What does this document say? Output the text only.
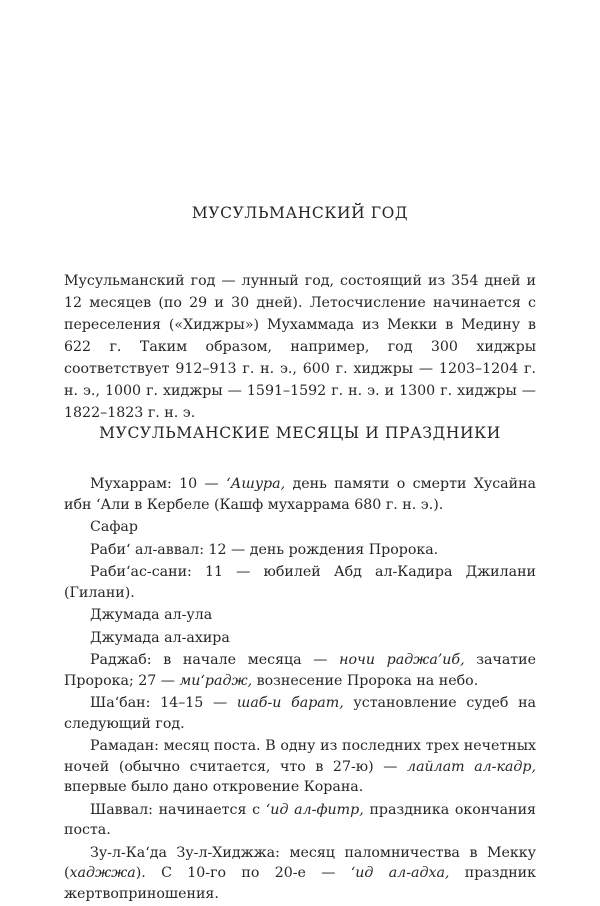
МУСУЛЬМАНСКИЙ ГОД

Мусульманский год — лунный год, состоящий из 354 дней и 12 месяцев (по 29 и 30 дней). Летосчисление начинается с переселения («Хиджры») Мухаммада из Мекки в Медину в 622 г. Таким образом, например, год 300 хиджры соответствует 912–913 г. н. э., 600 г. хиджры — 1203–1204 г. н. э., 1000 г. хиджры — 1591–1592 г. н. э. и 1300 г. хиджры — 1822–1823 г. н. э.

МУСУЛЬМАНСКИЕ МЕСЯЦЫ И ПРАЗДНИКИ

Мухаррам: 10 — ‘Ашура, день памяти о смерти Хусайна ибн ‘Али в Кербеле (Кашф мухаррама 680 г. н. э.).

Сафар

Раби‘ ал-аввал: 12 — день рождения Пророка.

Раби‘ас-сани: 11 — юбилей Абд ал-Кадира Джилани (Гилани).

Джумада ал-ула

Джумада ал-ахира

Раджаб: в начале месяца — ночи раджа’иб, зачатие Пророка; 27 — ми‘радж, вознесение Пророка на небо.

Ша‘бан: 14–15 — шаб-и барат, установление судеб на следующий год.

Рамадан: месяц поста. В одну из последних трех нечетных ночей (обычно считается, что в 27-ю) — лайлат ал-кадр, впервые было дано откровение Корана.

Шаввал: начинается с ‘ид ал-фитр, праздника окончания поста.

Зу-л-Ка‘да Зу-л-Хиджжа: месяц паломничества в Мекку (хаджжа). С 10-го по 20-е — ‘ид ал-адха, праздник жертвоприношения.
